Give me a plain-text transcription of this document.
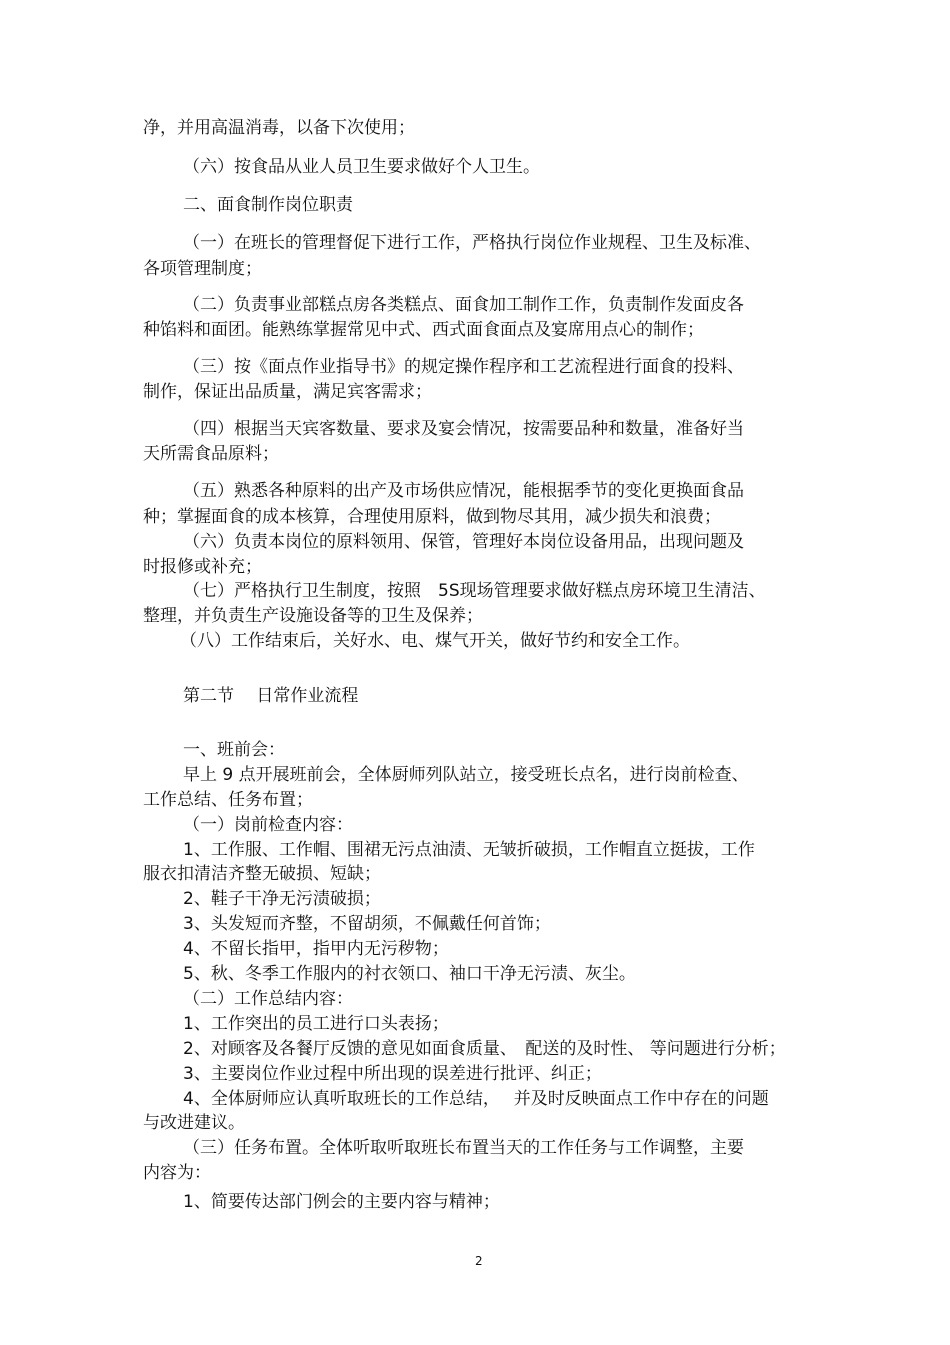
净，并用高温消毒，以备下次使用；

（六）按食品从业人员卫生要求做好个人卫生。

二、面食制作岗位职责

（一）在班长的管理督促下进行工作，严格执行岗位作业规程、卫生及标准、

各项管理制度；

（二）负责事业部糕点房各类糕点、面食加工制作工作，负责制作发面皮各

种馅料和面团。能熟练掌握常见中式、西式面食面点及宴席用点心的制作；

（三）按《面点作业指导书》的规定操作程序和工艺流程进行面食的投料、

制作，保证出品质量，满足宾客需求；

（四）根据当天宾客数量、要求及宴会情况，按需要品种和数量，准备好当

天所需食品原料；

（五）熟悉各种原料的出产及市场供应情况，能根据季节的变化更换面食品

种；掌握面食的成本核算，合理使用原料，做到物尽其用，减少损失和浪费；

（六）负责本岗位的原料领用、保管，管理好本岗位设备用品，出现问题及

时报修或补充；

（七）严格执行卫生制度，按照　5S现场管理要求做好糕点房环境卫生清洁、

整理，并负责生产设施设备等的卫生及保养；

（八）工作结束后，关好水、电、煤气开关，做好节约和安全工作。

第二节　 日常作业流程

一、班前会：

早上 9 点开展班前会，全体厨师列队站立，接受班长点名，进行岗前检查、

工作总结、任务布置；

（一）岗前检查内容：

1、工作服、工作帽、围裙无污点油渍、无皱折破损，工作帽直立挺拔，工作

服衣扣清洁齐整无破损、短缺；

2、鞋子干净无污渍破损；

3、头发短而齐整，不留胡须，不佩戴任何首饰；

4、不留长指甲，指甲内无污秽物；

5、秋、冬季工作服内的衬衣领口、袖口干净无污渍、灰尘。

（二）工作总结内容：

1、工作突出的员工进行口头表扬；

2、对顾客及各餐厅反馈的意见如面食质量、　配送的及时性、 等问题进行分析；

3、主要岗位作业过程中所出现的误差进行批评、纠正；

4、全体厨师应认真听取班长的工作总结，　 并及时反映面点工作中存在的问题

与改进建议。

（三）任务布置。全体听取听取班长布置当天的工作任务与工作调整，主要

内容为：

1、简要传达部门例会的主要内容与精神；

2
